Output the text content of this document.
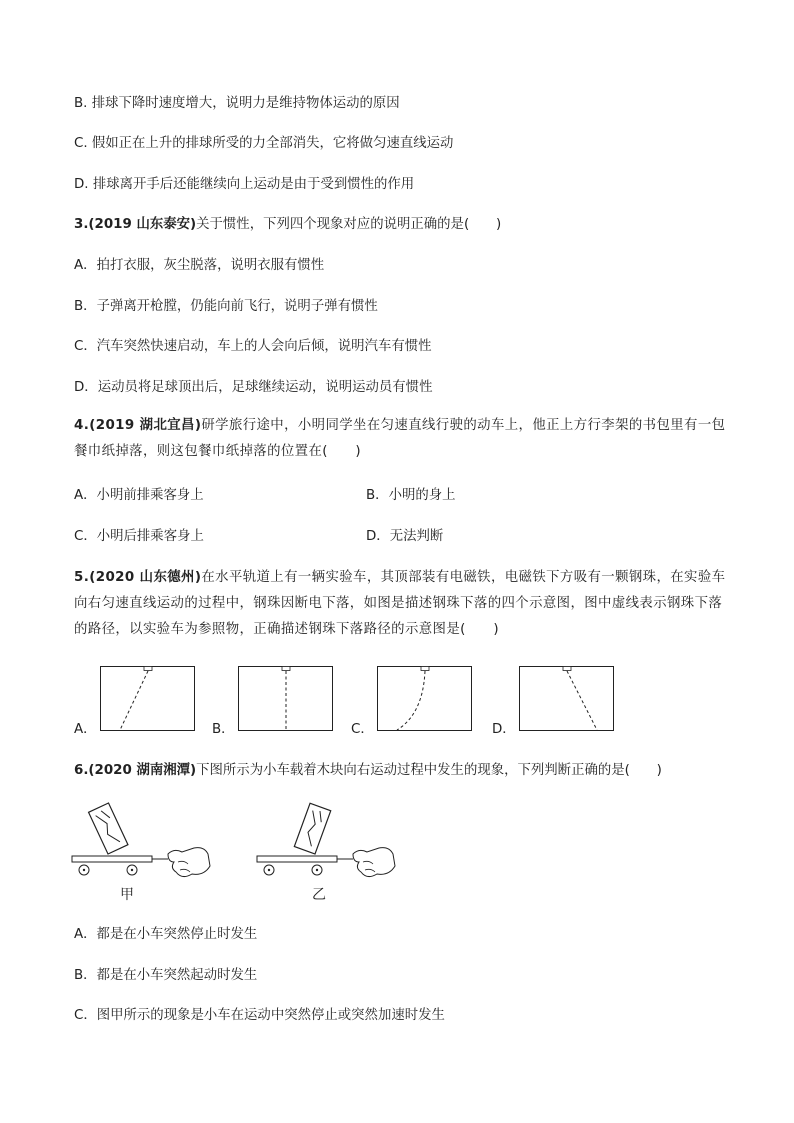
B. 排球下降时速度增大，说明力是维持物体运动的原因
C. 假如正在上升的排球所受的力全部消失，它将做匀速直线运动
D. 排球离开手后还能继续向上运动是由于受到惯性的作用
3.(2019 山东泰安)关于惯性，下列四个现象对应的说明正确的是(　　)
A．拍打衣服，灰尘脱落，说明衣服有惯性
B．子弹离开枪膛，仍能向前飞行，说明子弹有惯性
C．汽车突然快速启动，车上的人会向后倾，说明汽车有惯性
D．运动员将足球顶出后，足球继续运动，说明运动员有惯性
4.(2019 湖北宜昌)研学旅行途中，小明同学坐在匀速直线行驶的动车上，他正上方行李架的书包里有一包餐巾纸掉落，则这包餐巾纸掉落的位置在(　　)
A．小明前排乘客身上	B．小明的身上
C．小明后排乘客身上	D．无法判断
5.(2020 山东德州)在水平轨道上有一辆实验车，其顶部装有电磁铁，电磁铁下方吸有一颗钢珠，在实验车向右匀速直线运动的过程中，钢珠因断电下落，如图是描述钢珠下落的四个示意图，图中虚线表示钢珠下落的路径，以实验车为参照物，正确描述钢珠下落路径的示意图是(　　)
A．	B．	C．	D．
6.(2020 湖南湘潭)下图所示为小车载着木块向右运动过程中发生的现象，下列判断正确的是(　　)
甲	乙
A．都是在小车突然停止时发生
B．都是在小车突然起动时发生
C．图甲所示的现象是小车在运动中突然停止或突然加速时发生
